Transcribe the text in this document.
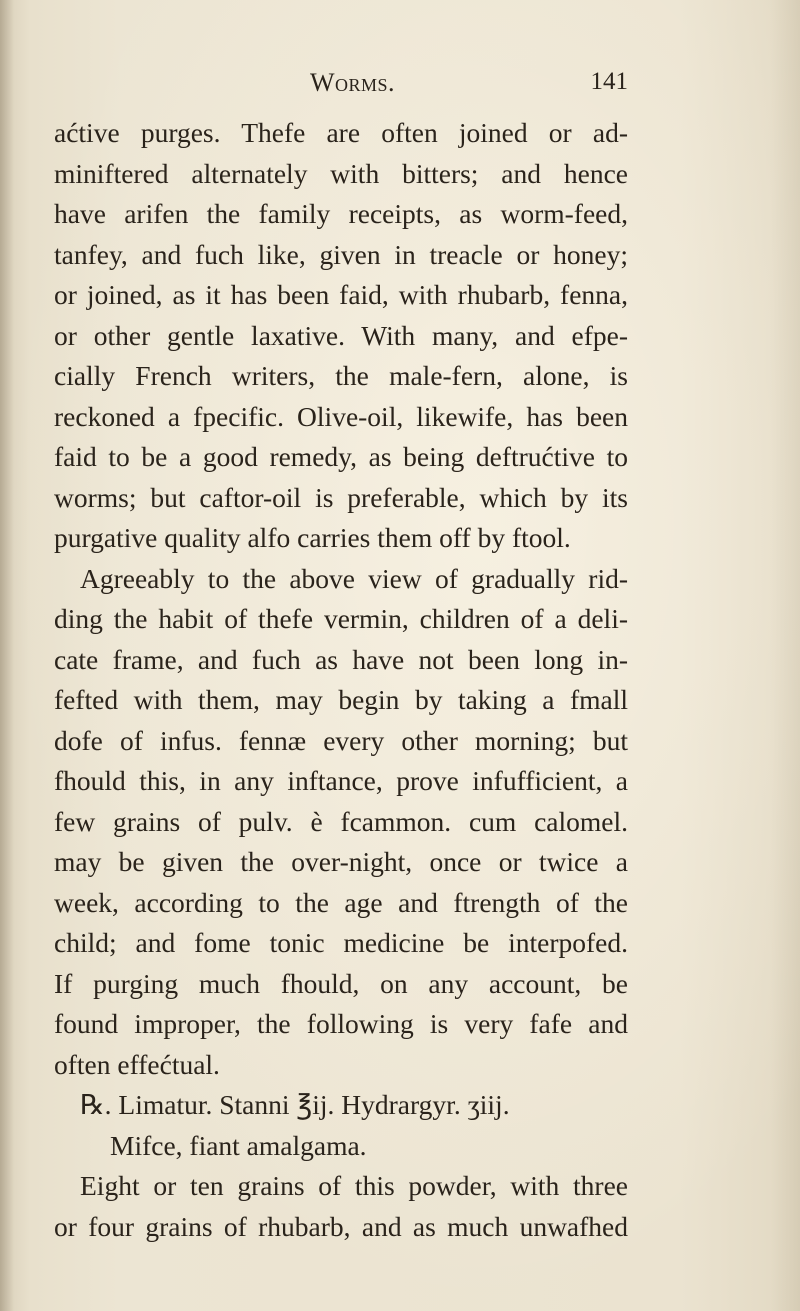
Worms.	141
aćtive purges. Thefe are often joined or ad-
miniftered alternately with bitters; and hence
have arifen the family receipts, as worm-feed,
tanfey, and fuch like, given in treacle or honey;
or joined, as it has been faid, with rhubarb, fenna,
or other gentle laxative. With many, and efpe-
cially French writers, the male-fern, alone, is
reckoned a fpecific. Olive-oil, likewife, has been
faid to be a good remedy, as being deftrućtive to
worms; but caftor-oil is preferable, which by its
purgative quality alfo carries them off by ftool.
Agreeably to the above view of gradually rid-
ding the habit of thefe vermin, children of a deli-
cate frame, and fuch as have not been long in-
fefted with them, may begin by taking a fmall
dofe of infus. fennæ every other morning; but
fhould this, in any inftance, prove infufficient, a
few grains of pulv. è fcammon. cum calomel.
may be given the over-night, once or twice a
week, according to the age and ftrength of the
child; and fome tonic medicine be interpofed.
If purging much fhould, on any account, be
found improper, the following is very fafe and
often effećtual.
℞. Limatur. Stanni ℥ij. Hydrargyr. ʒiij.
Mifce, fiant amalgama.
Eight or ten grains of this powder, with three
or four grains of rhubarb, and as much unwafhed
